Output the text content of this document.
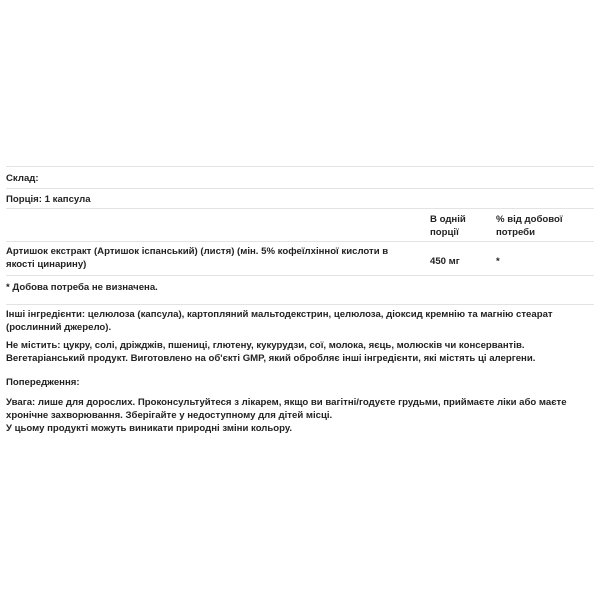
Склад:
Порція: 1 капсула
В одній порції
% від добової потреби
Артишок екстракт (Артишок іспанський) (листя) (мін. 5% кофеїлхінної кислоти в якості цинарину)	450 мг	*
* Добова потреба не визначена.
Інші інгредієнти: целюлоза (капсула), картопляний мальтодекстрин, целюлоза, діоксид кремнію та магнію стеарат (рослинний джерело).
Не містить: цукру, солі, дріжджів, пшениці, глютену, кукурудзи, сої, молока, яєць, молюсків чи консервантів.
Вегетаріанський продукт. Виготовлено на об'єкті GMP, який обробляє інші інгредієнти, які містять ці алергени.
Попередження:
Увага: лише для дорослих. Проконсультуйтеся з лікарем, якщо ви вагітні/годуєте грудьми, приймаєте ліки або маєте хронічне захворювання. Зберігайте у недоступному для дітей місці.
У цьому продукті можуть виникати природні зміни кольору.
